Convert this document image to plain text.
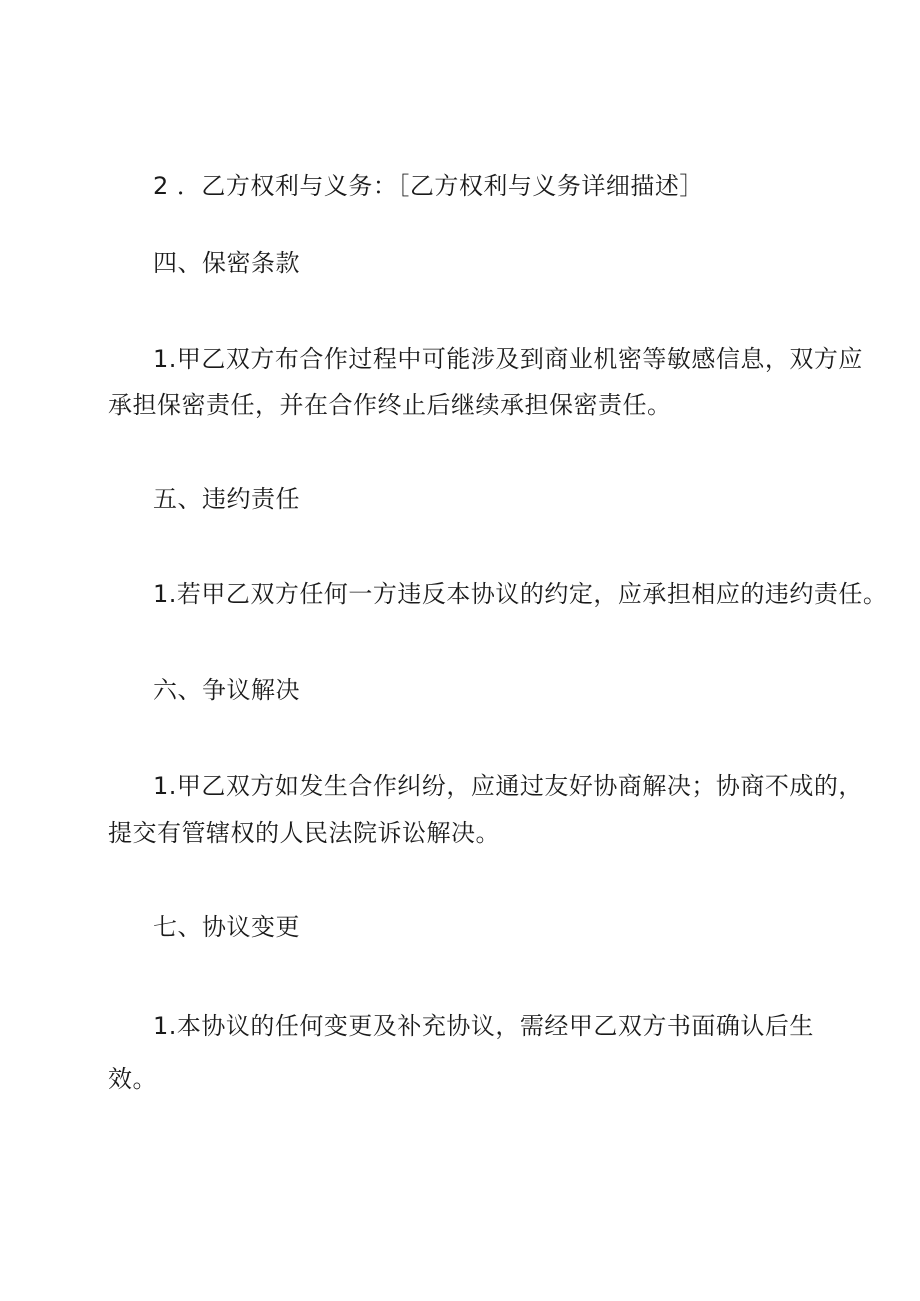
2 ．乙方权利与义务：［乙方权利与义务详细描述］
四、保密条款
1.甲乙双方布合作过程中可能涉及到商业机密等敏感信息，双方应
承担保密责任，并在合作终止后继续承担保密责任。
五、违约责任
1.若甲乙双方任何一方违反本协议的约定，应承担相应的违约责任。
六、争议解决
1.甲乙双方如发生合作纠纷，应通过友好协商解决；协商不成的，
提交有管辖权的人民法院诉讼解决。
七、协议变更
1.本协议的任何变更及补充协议，需经甲乙双方书面确认后生
效。
